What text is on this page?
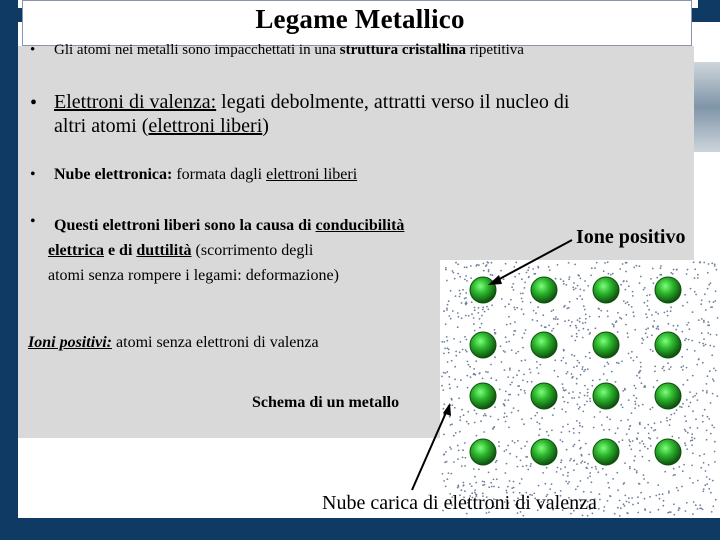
Legame Metallico
• Gli atomi nei metalli sono impacchettati in una struttura cristallina ripetitiva
• Elettroni di valenza: legati debolmente, attratti verso il nucleo di
altri atomi (elettroni liberi)
• Nube elettronica: formata dagli elettroni liberi
• Questi elettroni liberi sono la causa di conducibilità
elettrica e di duttilità (scorrimento degli
atomi senza rompere i legami: deformazione)
Ioni positivi: atomi senza elettroni di valenza
Ione positivo
Schema di un metallo
Nube carica di elettroni di valenza
